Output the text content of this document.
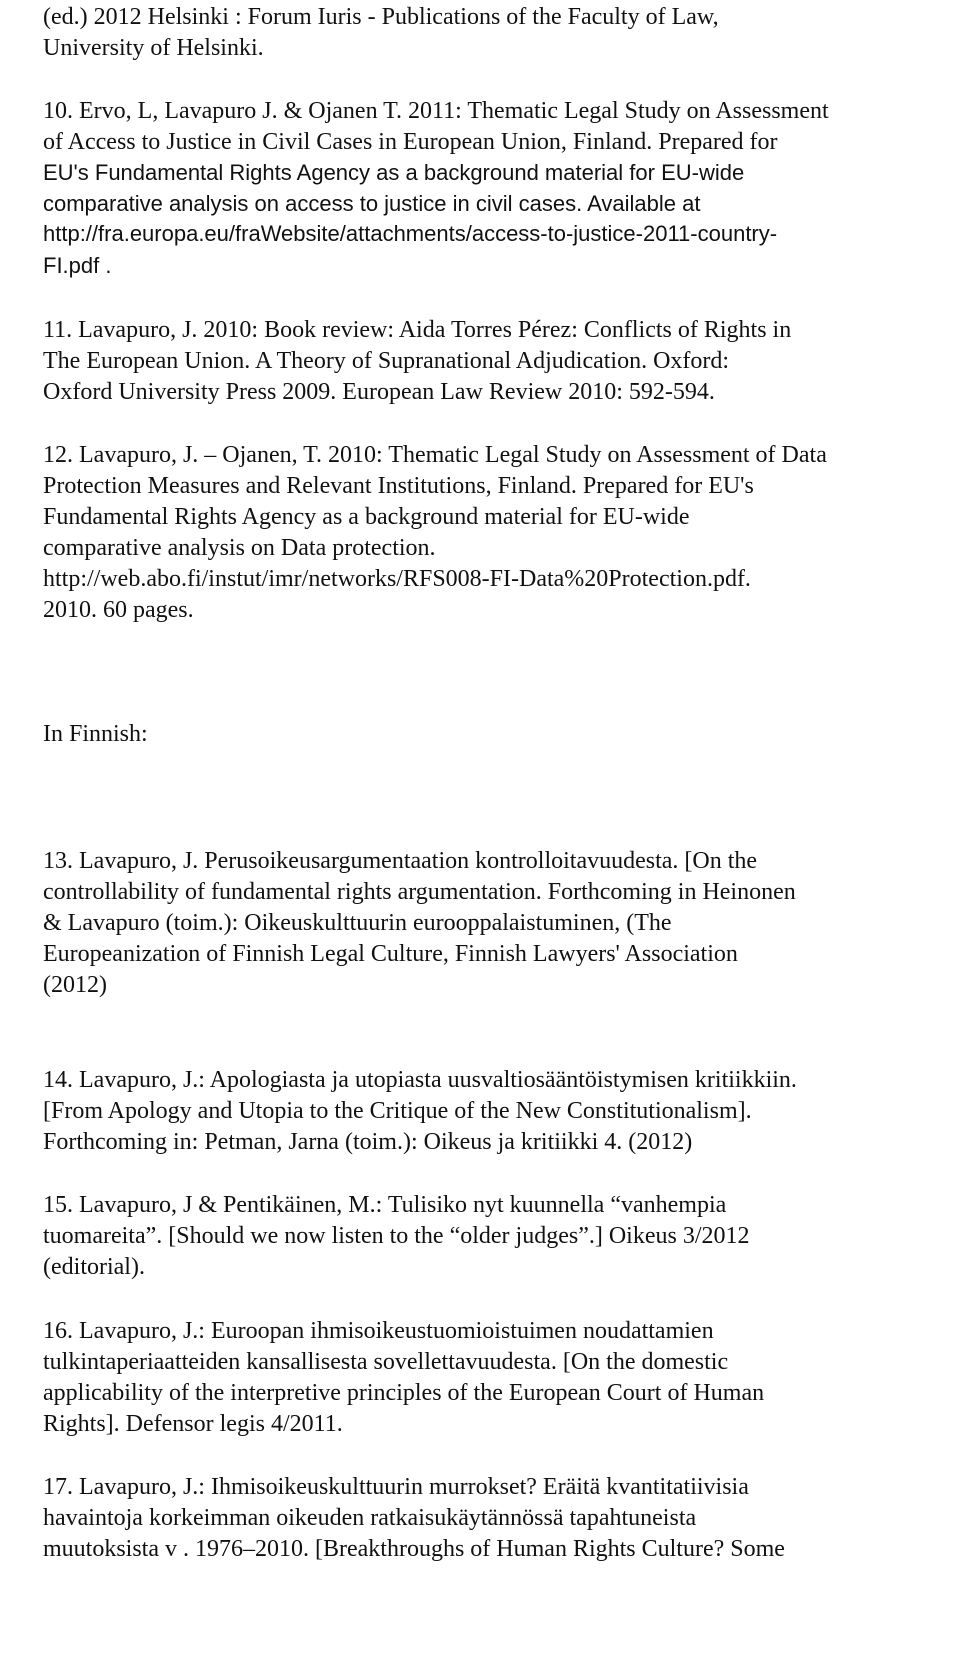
(ed.) 2012 Helsinki : Forum Iuris - Publications of the Faculty of Law,

University of Helsinki.

10. Ervo, L, Lavapuro J. & Ojanen T. 2011: Thematic Legal Study on Assessment

of Access to Justice in Civil Cases in European Union, Finland. Prepared for

EU's Fundamental Rights Agency as a background material for EU-wide

comparative analysis on access to justice in civil cases. Available at

http://fra.europa.eu/fraWebsite/attachments/access-to-justice-2011-country-

FI.pdf .

11. Lavapuro, J. 2010: Book review: Aida Torres Pérez: Conflicts of Rights in

The European Union. A Theory of Supranational Adjudication. Oxford:

Oxford University Press 2009. European Law Review 2010: 592-594.

12. Lavapuro, J. – Ojanen, T. 2010: Thematic Legal Study on Assessment of Data

Protection Measures and Relevant Institutions, Finland. Prepared for EU's

Fundamental Rights Agency as a background material for EU-wide

comparative analysis on Data protection.

http://web.abo.fi/instut/imr/networks/RFS008-FI-Data%20Protection.pdf.

2010. 60 pages.

In Finnish:

13. Lavapuro, J. Perusoikeusargumentaation kontrolloitavuudesta. [On the

controllability of fundamental rights argumentation. Forthcoming in Heinonen

& Lavapuro (toim.): Oikeuskulttuurin eurooppalaistuminen, (The

Europeanization of Finnish Legal Culture, Finnish Lawyers' Association

(2012)

14. Lavapuro, J.: Apologiasta ja utopiasta uusvaltiosääntöistymisen kritiikkiin.

[From Apology and Utopia to the Critique of the New Constitutionalism].

Forthcoming in: Petman, Jarna (toim.): Oikeus ja kritiikki 4. (2012)

15. Lavapuro, J & Pentikäinen, M.: Tulisiko nyt kuunnella “vanhempia

tuomareita”. [Should we now listen to the “older judges”.] Oikeus 3/2012

(editorial).

16. Lavapuro, J.: Euroopan ihmisoikeustuomioistuimen noudattamien

tulkintaperiaatteiden kansallisesta sovellettavuudesta. [On the domestic

applicability of the interpretive principles of the European Court of Human

Rights]. Defensor legis 4/2011.

17. Lavapuro, J.: Ihmisoikeuskulttuurin murrokset? Eräitä kvantitatiivisia

havaintoja korkeimman oikeuden ratkaisukäytännössä tapahtuneista

muutoksista v . 1976–2010. [Breakthroughs of Human Rights Culture? Some
